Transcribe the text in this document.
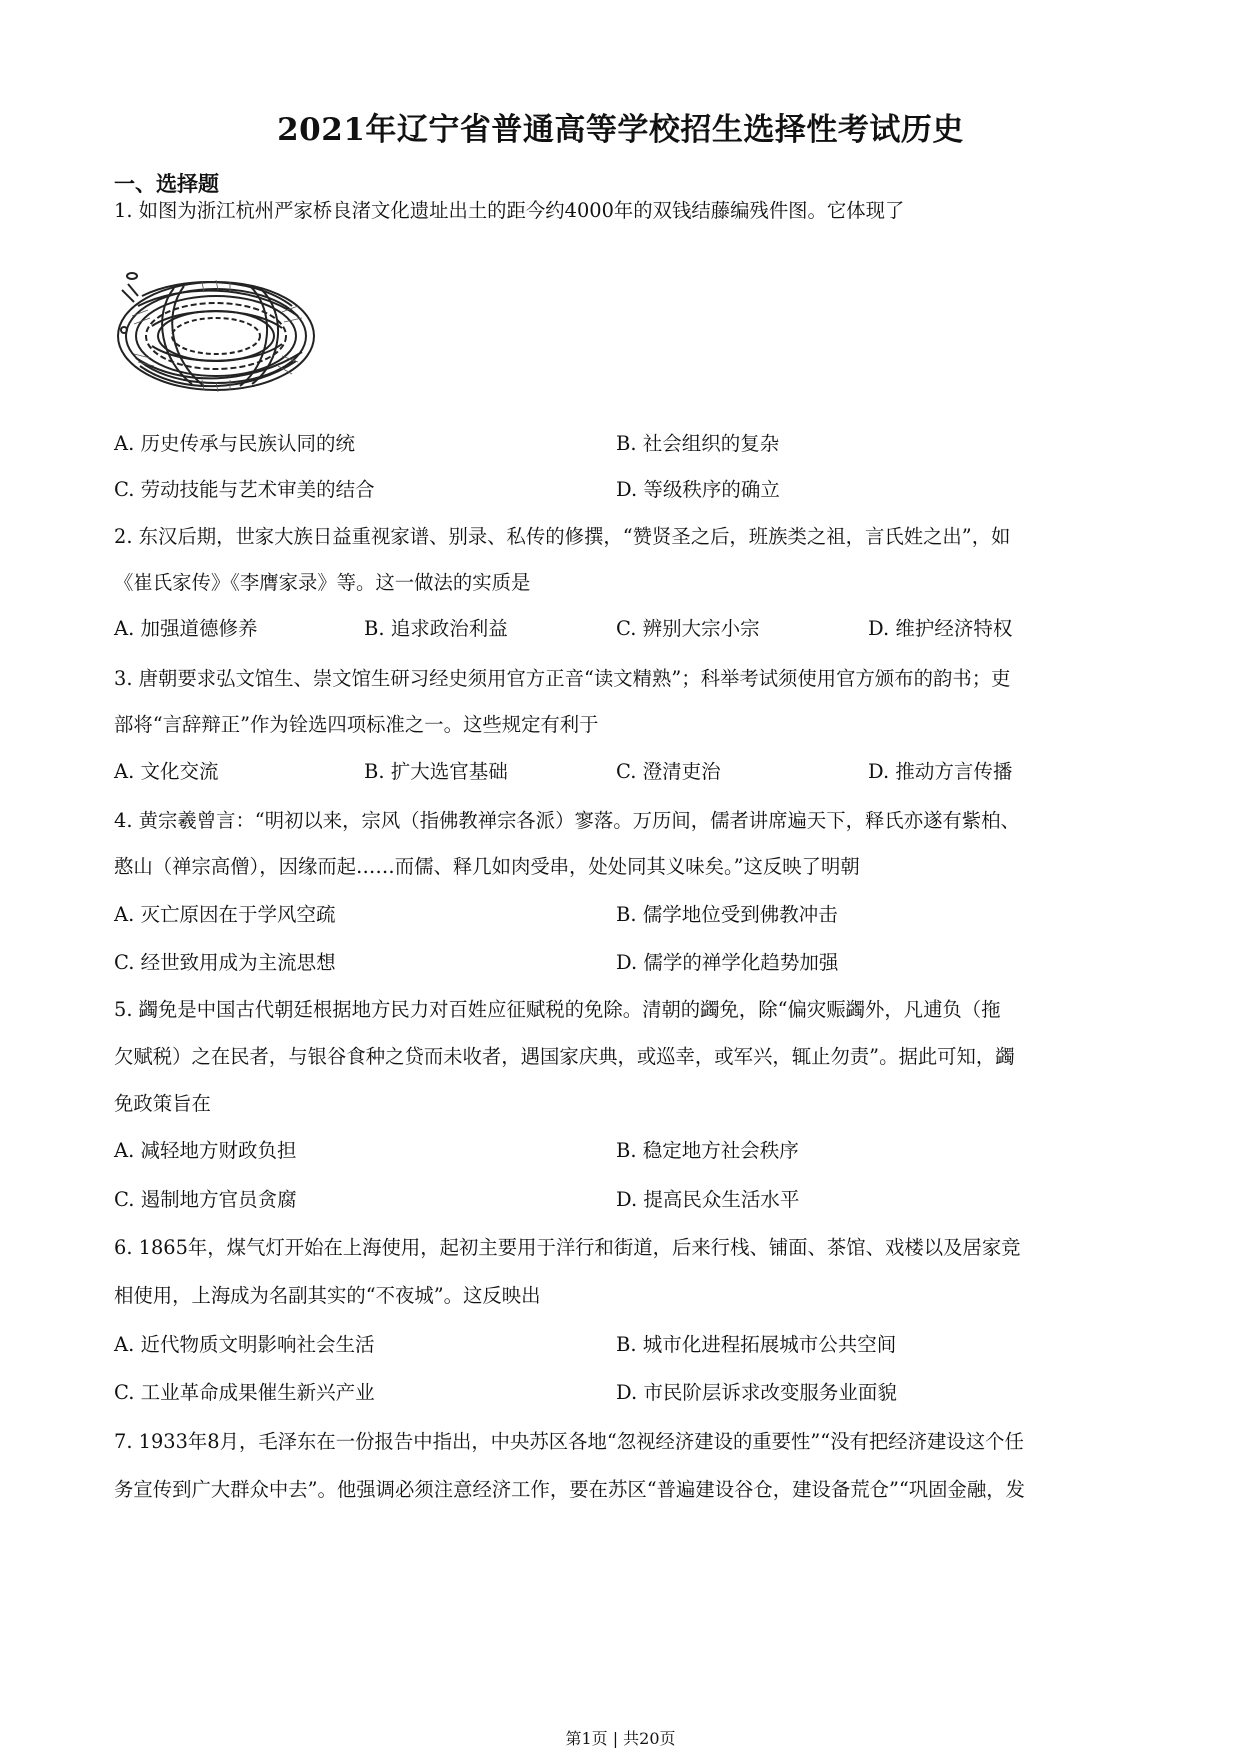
2021年辽宁省普通高等学校招生选择性考试历史
一、选择题
1. 如图为浙江杭州严家桥良渚文化遗址出土的距今约4000年的双钱结藤编残件图。它体现了
A. 历史传承与民族认同的统	B. 社会组织的复杂
C. 劳动技能与艺术审美的结合	D. 等级秩序的确立
2. 东汉后期，世家大族日益重视家谱、别录、私传的修撰，“赞贤圣之后，班族类之祖，言氏姓之出”，如
《崔氏家传》《李膺家录》等。这一做法的实质是
A. 加强道德修养	B. 追求政治利益	C. 辨别大宗小宗	D. 维护经济特权
3. 唐朝要求弘文馆生、崇文馆生研习经史须用官方正音“读文精熟”；科举考试须使用官方颁布的韵书；吏
部将“言辞辩正”作为铨选四项标准之一。这些规定有利于
A. 文化交流	B. 扩大选官基础	C. 澄清吏治	D. 推动方言传播
4. 黄宗羲曾言：“明初以来，宗风（指佛教禅宗各派）寥落。万历间，儒者讲席遍天下，释氏亦遂有紫柏、
憨山（禅宗高僧），因缘而起……而儒、释几如肉受串，处处同其义味矣。”这反映了明朝
A. 灭亡原因在于学风空疏	B. 儒学地位受到佛教冲击
C. 经世致用成为主流思想	D. 儒学的禅学化趋势加强
5. 蠲免是中国古代朝廷根据地方民力对百姓应征赋税的免除。清朝的蠲免，除“偏灾赈蠲外，凡逋负（拖
欠赋税）之在民者，与银谷食种之贷而未收者，遇国家庆典，或巡幸，或军兴，辄止勿责”。据此可知，蠲
免政策旨在
A. 减轻地方财政负担	B. 稳定地方社会秩序
C. 遏制地方官员贪腐	D. 提高民众生活水平
6. 1865年，煤气灯开始在上海使用，起初主要用于洋行和街道，后来行栈、铺面、茶馆、戏楼以及居家竞
相使用，上海成为名副其实的“不夜城”。这反映出
A. 近代物质文明影响社会生活	B. 城市化进程拓展城市公共空间
C. 工业革命成果催生新兴产业	D. 市民阶层诉求改变服务业面貌
7. 1933年8月，毛泽东在一份报告中指出，中央苏区各地“忽视经济建设的重要性”“没有把经济建设这个任
务宣传到广大群众中去”。他强调必须注意经济工作，要在苏区“普遍建设谷仓，建设备荒仓”“巩固金融，发
第1页 | 共20页
